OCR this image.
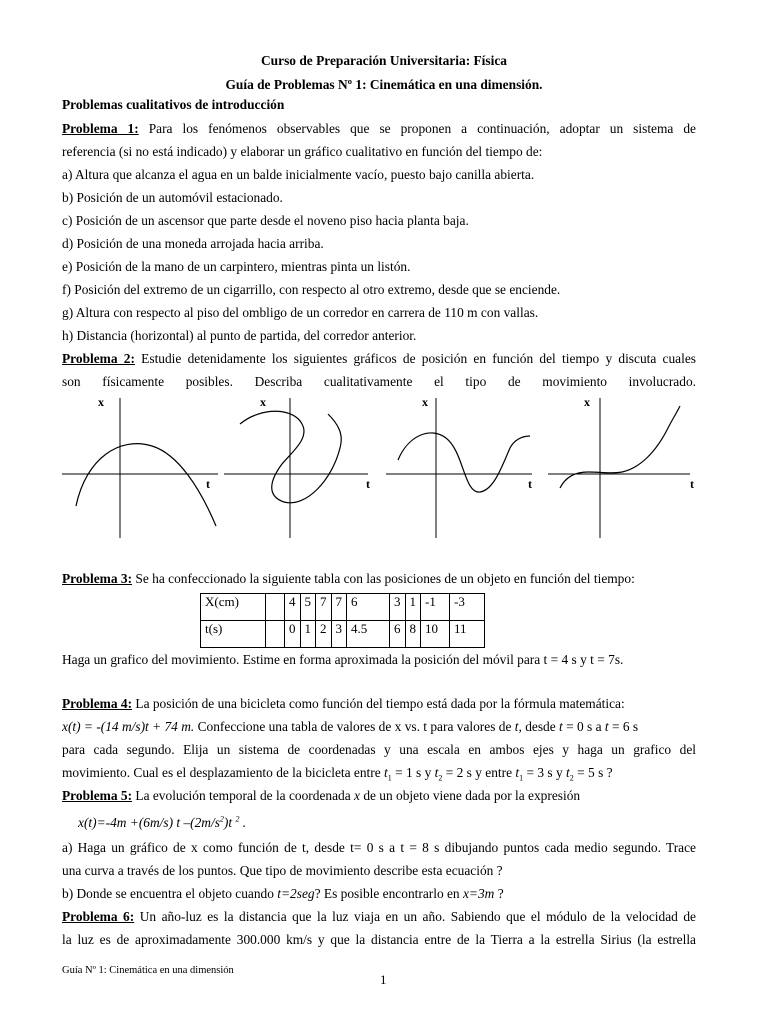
Curso de Preparación Universitaria: Física
Guía de Problemas Nº 1: Cinemática en una dimensión.
Problemas cualitativos de introducción
Problema 1: Para los fenómenos observables que se proponen a continuación, adoptar un sistema de
referencia (si no está indicado) y elaborar un gráfico cualitativo en función del tiempo de:
a) Altura que alcanza el agua en un balde inicialmente vacío, puesto bajo canilla abierta.
b) Posición de un automóvil estacionado.
c) Posición de un ascensor que parte desde el noveno piso hacia planta baja.
d) Posición de una moneda arrojada hacia arriba.
e) Posición de la mano de un carpintero, mientras pinta un listón.
f) Posición del extremo de un cigarrillo, con respecto al otro extremo, desde que se enciende.
g) Altura con respecto al piso del ombligo de un corredor en carrera de 110 m con vallas.
h) Distancia (horizontal) al punto de partida, del corredor anterior.
Problema 2: Estudie detenidamente los siguientes gráficos de posición en función del tiempo y discuta cuales
son físicamente posibles. Describa cualitativamente el tipo de movimiento involucrado.
x
t
x
t
x
t
x
t
Problema 3: Se ha confeccionado la siguiente tabla con las posiciones de un objeto en función del tiempo:
X(cm)		4	5	7	7	6	3	1	-1	-3
t(s)		0	1	2	3	4.5	6	8	10	11
Haga un grafico del movimiento. Estime en forma aproximada la posición del móvil para t = 4 s y t = 7s.
Problema 4: La posición de una bicicleta como función del tiempo está dada por la fórmula matemática:
x(t) = -(14 m/s)t + 74 m. Confeccione una tabla de valores de x vs. t para valores de t, desde t = 0 s a t = 6 s
para cada segundo. Elija un sistema de coordenadas y una escala en ambos ejes y haga un grafico del
movimiento. Cual es el desplazamiento de la bicicleta entre $t_1 = 1$ s y $t_2 = 2$ s y entre $t_1 = 3$ s y $t_2 = 5$ s ?
Problema 5: La evolución temporal de la coordenada x de un objeto viene dada por la expresión
x(t)=-4m +(6m/s) t $-(2m/s^2)t$ $^2$ .
a) Haga un gráfico de x como función de t, desde t= 0 s a t = 8 s dibujando puntos cada medio segundo. Trace
una curva a través de los puntos. Que tipo de movimiento describe esta ecuación ?
b) Donde se encuentra el objeto cuando t=2seg? Es posible encontrarlo en x=3m ?
Problema 6: Un año-luz es la distancia que la luz viaja en un año. Sabiendo que el módulo de la velocidad de
la luz es de aproximadamente 300.000 km/s y que la distancia entre de la Tierra a la estrella Sirius (la estrella
Guía Nº 1: Cinemática en una dimensión
1
